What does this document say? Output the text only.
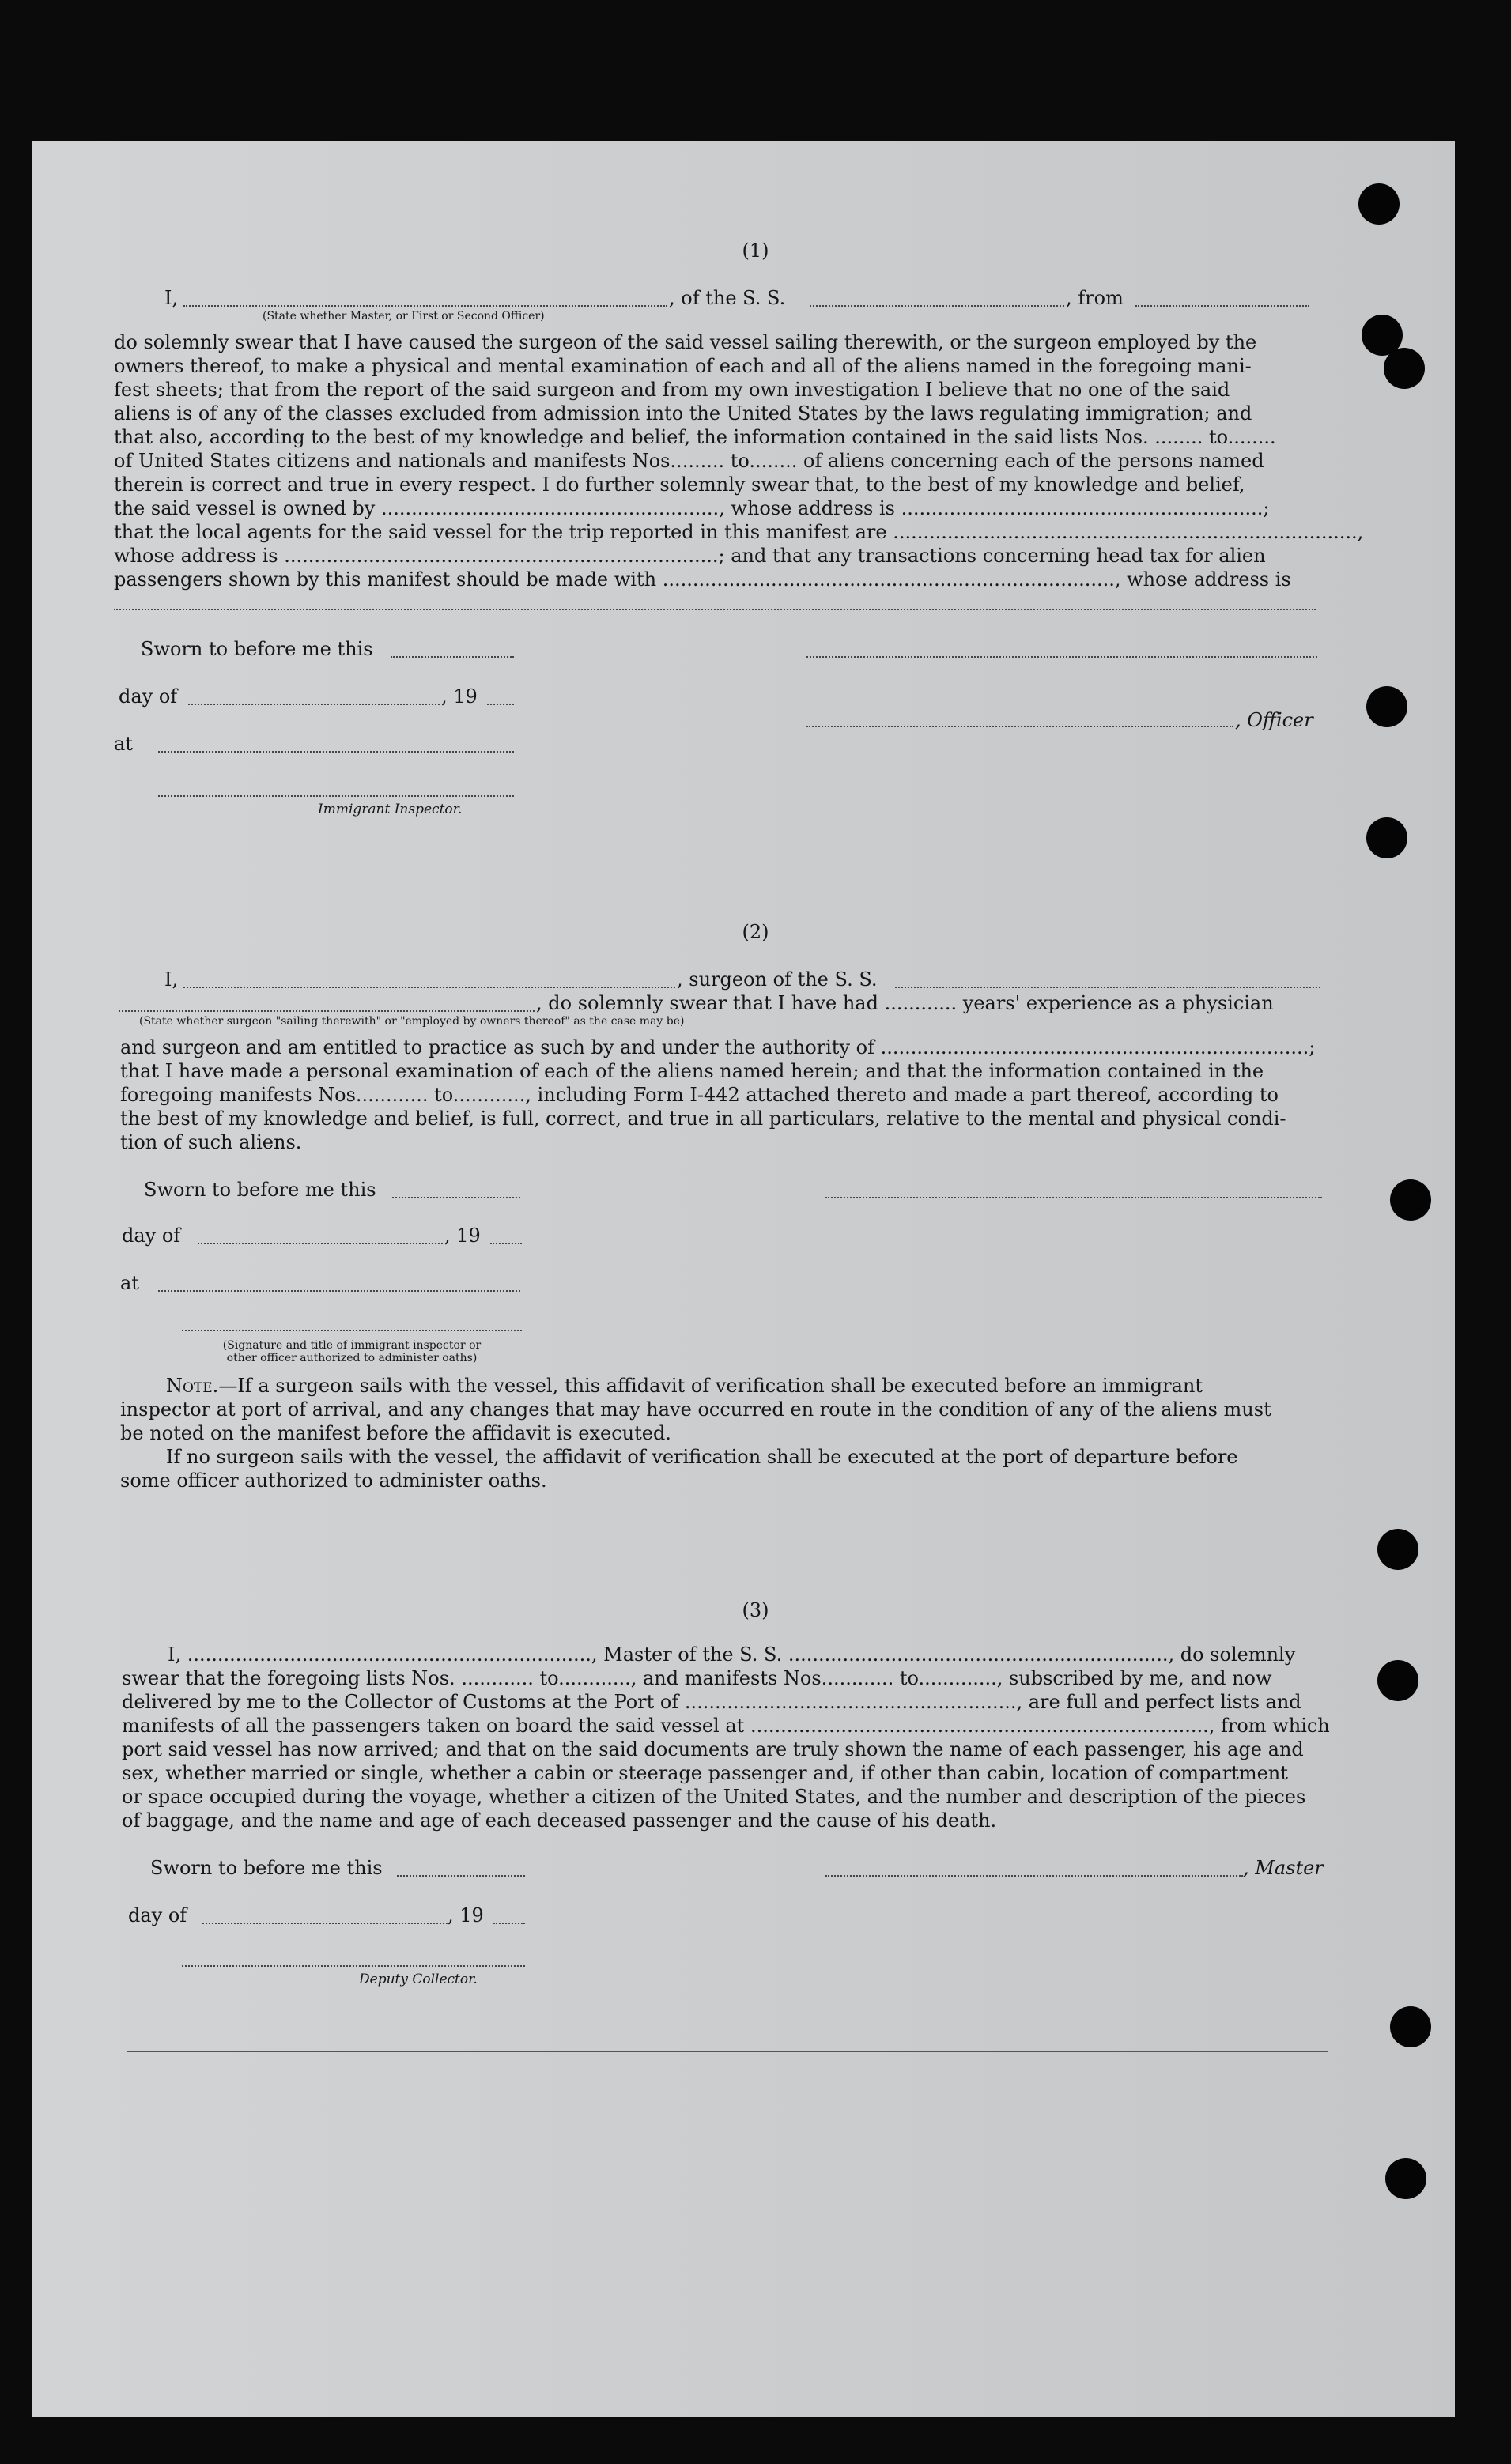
(1)
I,	, of the S. S.	, from
(State whether Master, or First or Second Officer)

do solemnly swear that I have caused the surgeon of the said vessel sailing therewith, or the surgeon employed by the

owners thereof, to make a physical and mental examination of each and all of the aliens named in the foregoing mani-

fest sheets; that from the report of the said surgeon and from my own investigation I believe that no one of the said

aliens is of any of the classes excluded from admission into the United States by the laws regulating immigration; and

that also, according to the best of my knowledge and belief, the information contained in the said lists Nos. ........ to........

of United States citizens and nationals and manifests Nos......... to........ of aliens concerning each of the persons named

therein is correct and true in every respect. I do further solemnly swear that, to the best of my knowledge and belief,

the said vessel is owned by ........................................................, whose address is ............................................................;

that the local agents for the said vessel for the trip reported in this manifest are .............................................................................,

whose address is ........................................................................; and that any transactions concerning head tax for alien

passengers shown by this manifest should be made with ..........................................................................., whose address is

Sworn to before me this
day of	, 19
, Officer
at
Immigrant Inspector.
(2)
I,	, surgeon of the S. S.
, do solemnly swear that I have had ............ years' experience as a physician
(State whether surgeon "sailing therewith" or "employed by owners thereof" as the case may be)

and surgeon and am entitled to practice as such by and under the authority of .......................................................................;

that I have made a personal examination of each of the aliens named herein; and that the information contained in the

foregoing manifests Nos............ to............, including Form I-442 attached thereto and made a part thereof, according to

the best of my knowledge and belief, is full, correct, and true in all particulars, relative to the mental and physical condi-

tion of such aliens.

Sworn to before me this
day of	, 19
at
(Signature and title of immigrant inspector or
other officer authorized to administer oaths)
Note.—If a surgeon sails with the vessel, this affidavit of verification shall be executed before an immigrant

inspector at port of arrival, and any changes that may have occurred en route in the condition of any of the aliens must

be noted on the manifest before the affidavit is executed.

If no surgeon sails with the vessel, the affidavit of verification shall be executed at the port of departure before

some officer authorized to administer oaths.

(3)

I, ..................................................................., Master of the S. S. ..............................................................., do solemnly

swear that the foregoing lists Nos. ............ to............, and manifests Nos............ to............., subscribed by me, and now

delivered by me to the Collector of Customs at the Port of ......................................................., are full and perfect lists and

manifests of all the passengers taken on board the said vessel at ............................................................................, from which

port said vessel has now arrived; and that on the said documents are truly shown the name of each passenger, his age and

sex, whether married or single, whether a cabin or steerage passenger and, if other than cabin, location of compartment

or space occupied during the voyage, whether a citizen of the United States, and the number and description of the pieces

of baggage, and the name and age of each deceased passenger and the cause of his death.

Sworn to before me this	, Master
day of	, 19
Deputy Collector.
